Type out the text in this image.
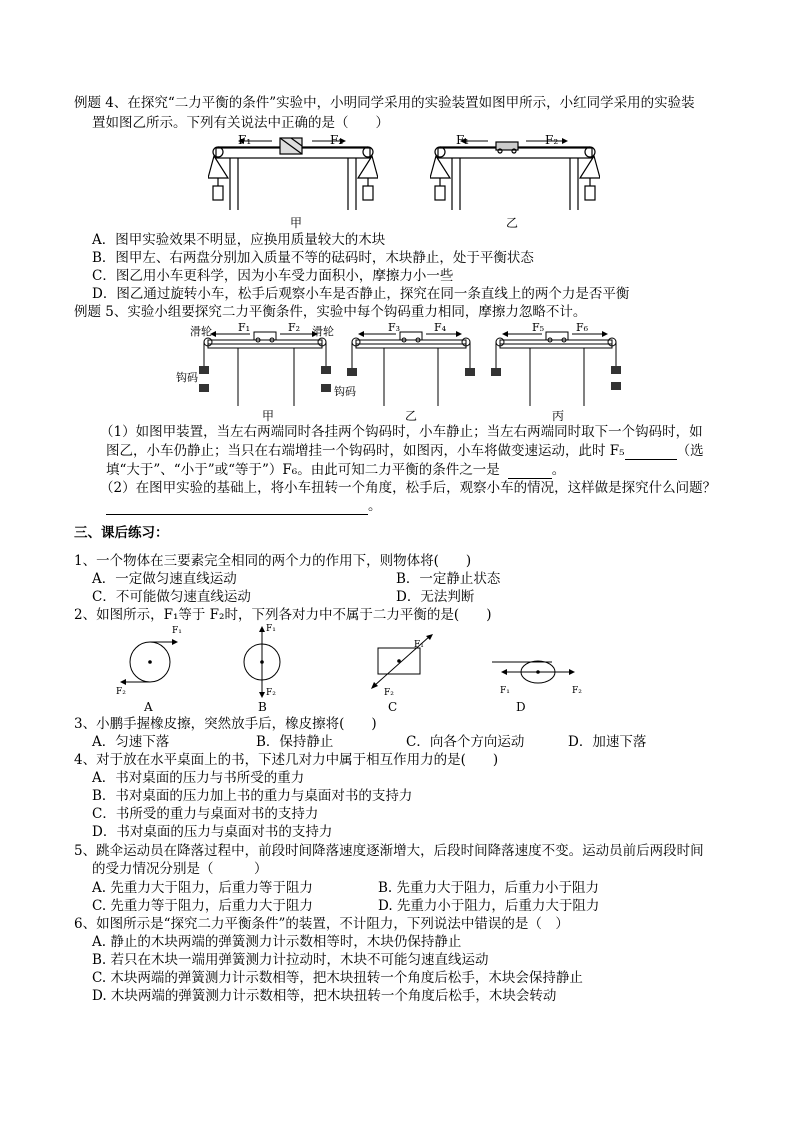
例题 4、在探究“二力平衡的条件”实验中，小明同学采用的实验装置如图甲所示，小红同学采用的实验装
置如图乙所示。下列有关说法中正确的是（　　）
F₁	F₂
甲
F₁	F₂
乙
A．图甲实验效果不明显，应换用质量较大的木块
B．图甲左、右两盘分别加入质量不等的砝码时，木块静止，处于平衡状态
C．图乙用小车更科学，因为小车受力面积小，摩擦力小一些
D．图乙通过旋转小车，松手后观察小车是否静止，探究在同一条直线上的两个力是否平衡
例题 5、实验小组要探究二力平衡条件，实验中每个钩码重力相同，摩擦力忽略不计。
滑轮	滑轮
钩码
钩码
F₁	F₂
甲
F₃	F₄
乙
F₅	F₆
丙
（1）如图甲装置，当左右两端同时各挂两个钩码时，小车静止；当左右两端同时取下一个钩码时，如
图乙，小车仍静止；当只在右端增挂一个钩码时，如图丙，小车将做变速运动，此时 F₅	（选
填“大于”、“小于”或“等于”）F₆。由此可知二力平衡的条件之一是	。
（2）在图甲实验的基础上，将小车扭转一个角度，松手后，观察小车的情况，这样做是探究什么问题？
。
三、课后练习：
1、一个物体在三要素完全相同的两个力的作用下，则物体将(　　)
A．一定做匀速直线运动	B．一定静止状态
C．不可能做匀速直线运动	D．无法判断
2、如图所示，F₁等于 F₂时，下列各对力中不属于二力平衡的是(　　)
F₁
F₂
F₁
F₂
F₁
F₂	F₁	F₂
A	B	C	D
3、小鹏手握橡皮擦，突然放手后，橡皮擦将(　　)
A．匀速下落	B．保持静止	C．向各个方向运动	D．加速下落
4、对于放在水平桌面上的书，下述几对力中属于相互作用力的是(　　)
A．书对桌面的压力与书所受的重力
B．书对桌面的压力加上书的重力与桌面对书的支持力
C．书所受的重力与桌面对书的支持力
D．书对桌面的压力与桌面对书的支持力
5、跳伞运动员在降落过程中，前段时间降落速度逐渐增大，后段时间降落速度不变。运动员前后两段时间
的受力情况分别是（　　　）
A. 先重力大于阻力，后重力等于阻力	B. 先重力大于阻力，后重力小于阻力
C. 先重力等于阻力，后重力大于阻力	D. 先重力小于阻力，后重力大于阻力
6、如图所示是“探究二力平衡条件”的装置，不计阻力，下列说法中错误的是（　）
A. 静止的木块两端的弹簧测力计示数相等时，木块仍保持静止
B. 若只在木块一端用弹簧测力计拉动时，木块不可能匀速直线运动
C. 木块两端的弹簧测力计示数相等，把木块扭转一个角度后松手，木块会保持静止
D. 木块两端的弹簧测力计示数相等，把木块扭转一个角度后松手，木块会转动
